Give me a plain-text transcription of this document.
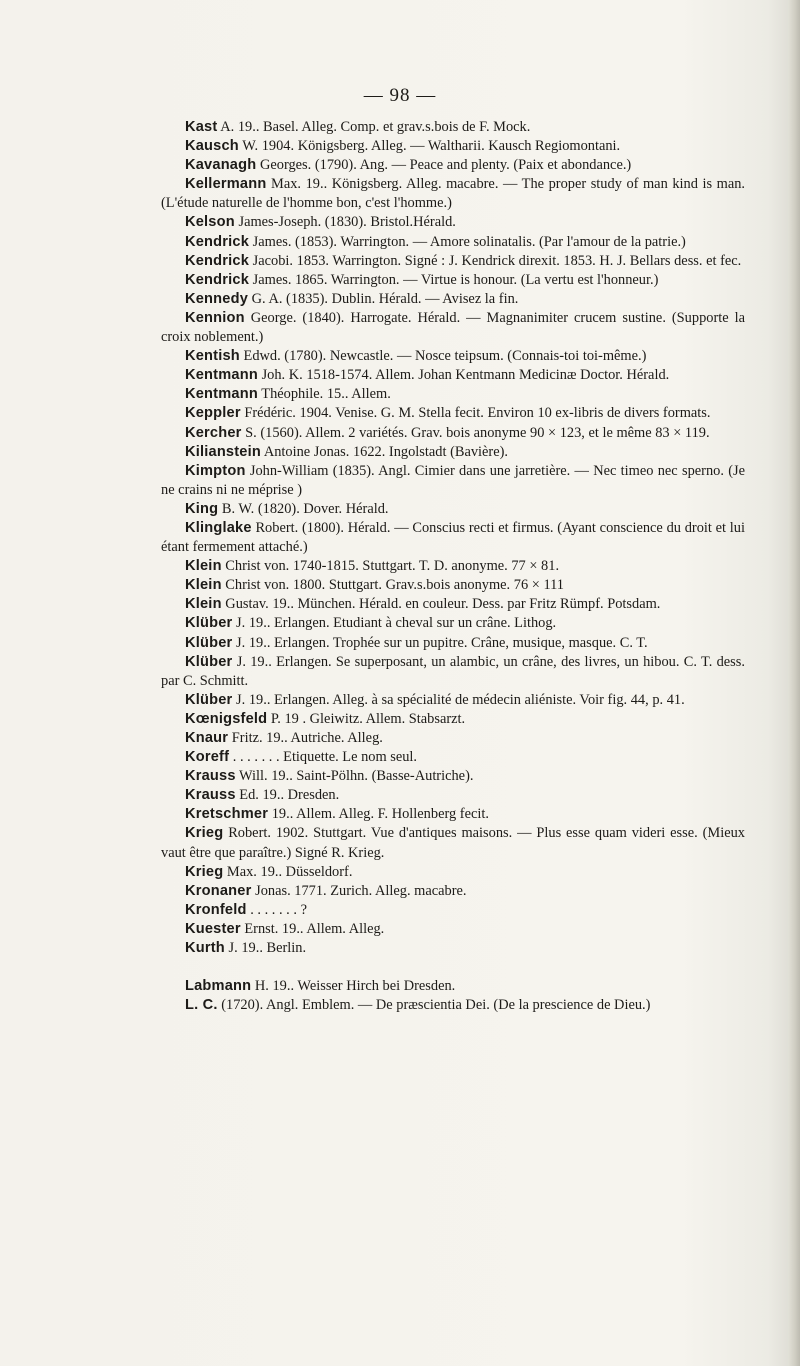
— 98 —

Kast A. 19.. Basel. Alleg. Comp. et grav.s.bois de F. Mock.

Kausch W. 1904. Königsberg. Alleg. — Waltharii. Kausch Regiomontani.

Kavanagh Georges. (1790). Ang. — Peace and plenty. (Paix et abondance.)

Kellermann Max. 19.. Königsberg. Alleg. macabre. — The proper study of man kind is man. (L'étude naturelle de l'homme bon, c'est l'homme.)

Kelson James-Joseph. (1830). Bristol.Hérald.

Kendrick James. (1853). Warrington. — Amore solinatalis. (Par l'amour de la patrie.)

Kendrick Jacobi. 1853. Warrington. Signé : J. Kendrick direxit. 1853. H. J. Bellars dess. et fec.

Kendrick James. 1865. Warrington. — Virtue is honour. (La vertu est l'honneur.)

Kennedy G. A. (1835). Dublin. Hérald. — Avisez la fin.

Kennion George. (1840). Harrogate. Hérald. — Magnanimiter crucem sustine. (Supporte la croix noblement.)

Kentish Edwd. (1780). Newcastle. — Nosce teipsum. (Connais-toi toi-même.)

Kentmann Joh. K. 1518-1574. Allem. Johan Kentmann Medicinæ Doctor. Hérald.

Kentmann Théophile. 15.. Allem.

Keppler Frédéric. 1904. Venise. G. M. Stella fecit. Environ 10 ex-libris de divers formats.

Kercher S. (1560). Allem. 2 variétés. Grav. bois anonyme 90 × 123, et le même 83 × 119.

Kilianstein Antoine Jonas. 1622. Ingolstadt (Bavière).

Kimpton John-William (1835). Angl. Cimier dans une jarretière. — Nec timeo nec sperno. (Je ne crains ni ne méprise )

King B. W. (1820). Dover. Hérald.

Klinglake Robert. (1800). Hérald. — Conscius recti et firmus. (Ayant conscience du droit et lui étant fermement attaché.)

Klein Christ von. 1740-1815. Stuttgart. T. D. anonyme. 77 × 81.

Klein Christ von. 1800. Stuttgart. Grav.s.bois anonyme. 76 × 111

Klein Gustav. 19.. München. Hérald. en couleur. Dess. par Fritz Rümpf. Potsdam.

Klüber J. 19.. Erlangen. Etudiant à cheval sur un crâne. Lithog.

Klüber J. 19.. Erlangen. Trophée sur un pupitre. Crâne, musique, masque. C. T.

Klüber J. 19.. Erlangen. Se superposant, un alambic, un crâne, des livres, un hibou. C. T. dess. par C. Schmitt.

Klüber J. 19.. Erlangen. Alleg. à sa spécialité de médecin aliéniste. Voir fig. 44, p. 41.

Kœnigsfeld P. 19 . Gleiwitz. Allem. Stabsarzt.

Knaur Fritz. 19.. Autriche. Alleg.

Koreff . . . . . . . Etiquette. Le nom seul.

Krauss Will. 19.. Saint-Pölhn. (Basse-Autriche).

Krauss Ed. 19.. Dresden.

Kretschmer 19.. Allem. Alleg. F. Hollenberg fecit.

Krieg Robert. 1902. Stuttgart. Vue d'antiques maisons. — Plus esse quam videri esse. (Mieux vaut être que paraître.) Signé R. Krieg.

Krieg Max. 19.. Düsseldorf.

Kronaner Jonas. 1771. Zurich. Alleg. macabre.

Kronfeld . . . . . . . ?

Kuester Ernst. 19.. Allem. Alleg.

Kurth J. 19.. Berlin.

Labmann H. 19.. Weisser Hirch bei Dresden.

L. C. (1720). Angl. Emblem. — De præscientia Dei. (De la prescience de Dieu.)
